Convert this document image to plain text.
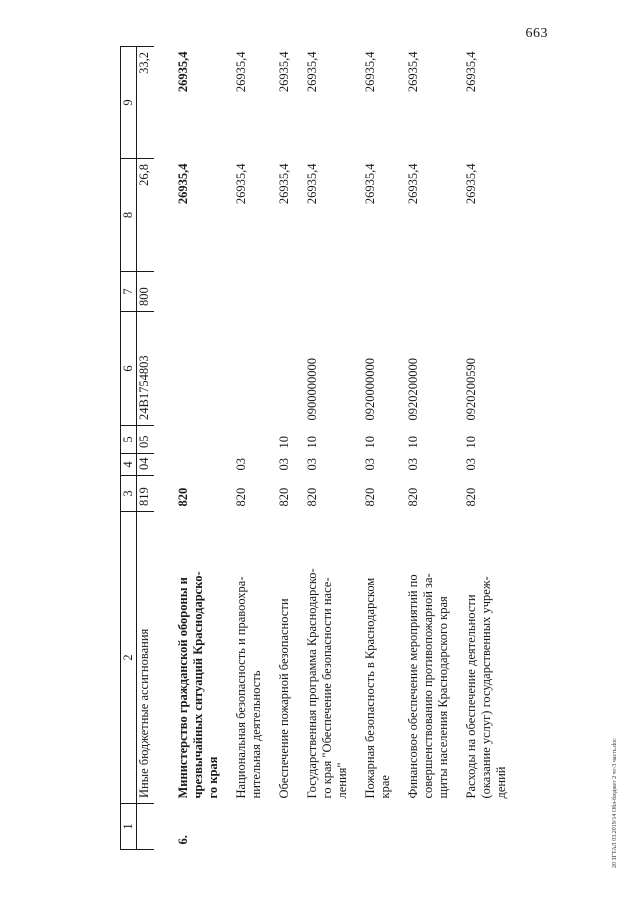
663
20 ЗГТАЛ 03.2019/14 Обл-бюджет 2 чт-3 часть.doc
1	2	3	4	5	6	7	8	9

	Иные бюджетные ассигнования	819	04	05	24В1754803	800	26,8	33,2
6.	Министерство гражданской обороны и чрезвычайных ситуаций Краснодарско- го края	820					26935,4	26935,4

	Национальная безопасность и правоохра- нительная деятельность	820	03				26935,4	26935,4

	Обеспечение пожарной безопасности	820	03	10			26935,4	26935,4

	Государственная программа Краснодарско- го края "Обеспечение безопасности насе- ления"	820	03	10	0900000000		26935,4	26935,4

	Пожарная безопасность в Краснодарском крае	820	03	10	0920000000		26935,4	26935,4

	Финансовое обеспечение мероприятий по совершенствованию противопожарной за- щиты населения Краснодарского края	820	03	10	0920200000		26935,4	26935,4

	Расходы на обеспечение деятельности (оказание услуг) государственных учреж- дений	820	03	10	0920200590		26935,4	26935,4
